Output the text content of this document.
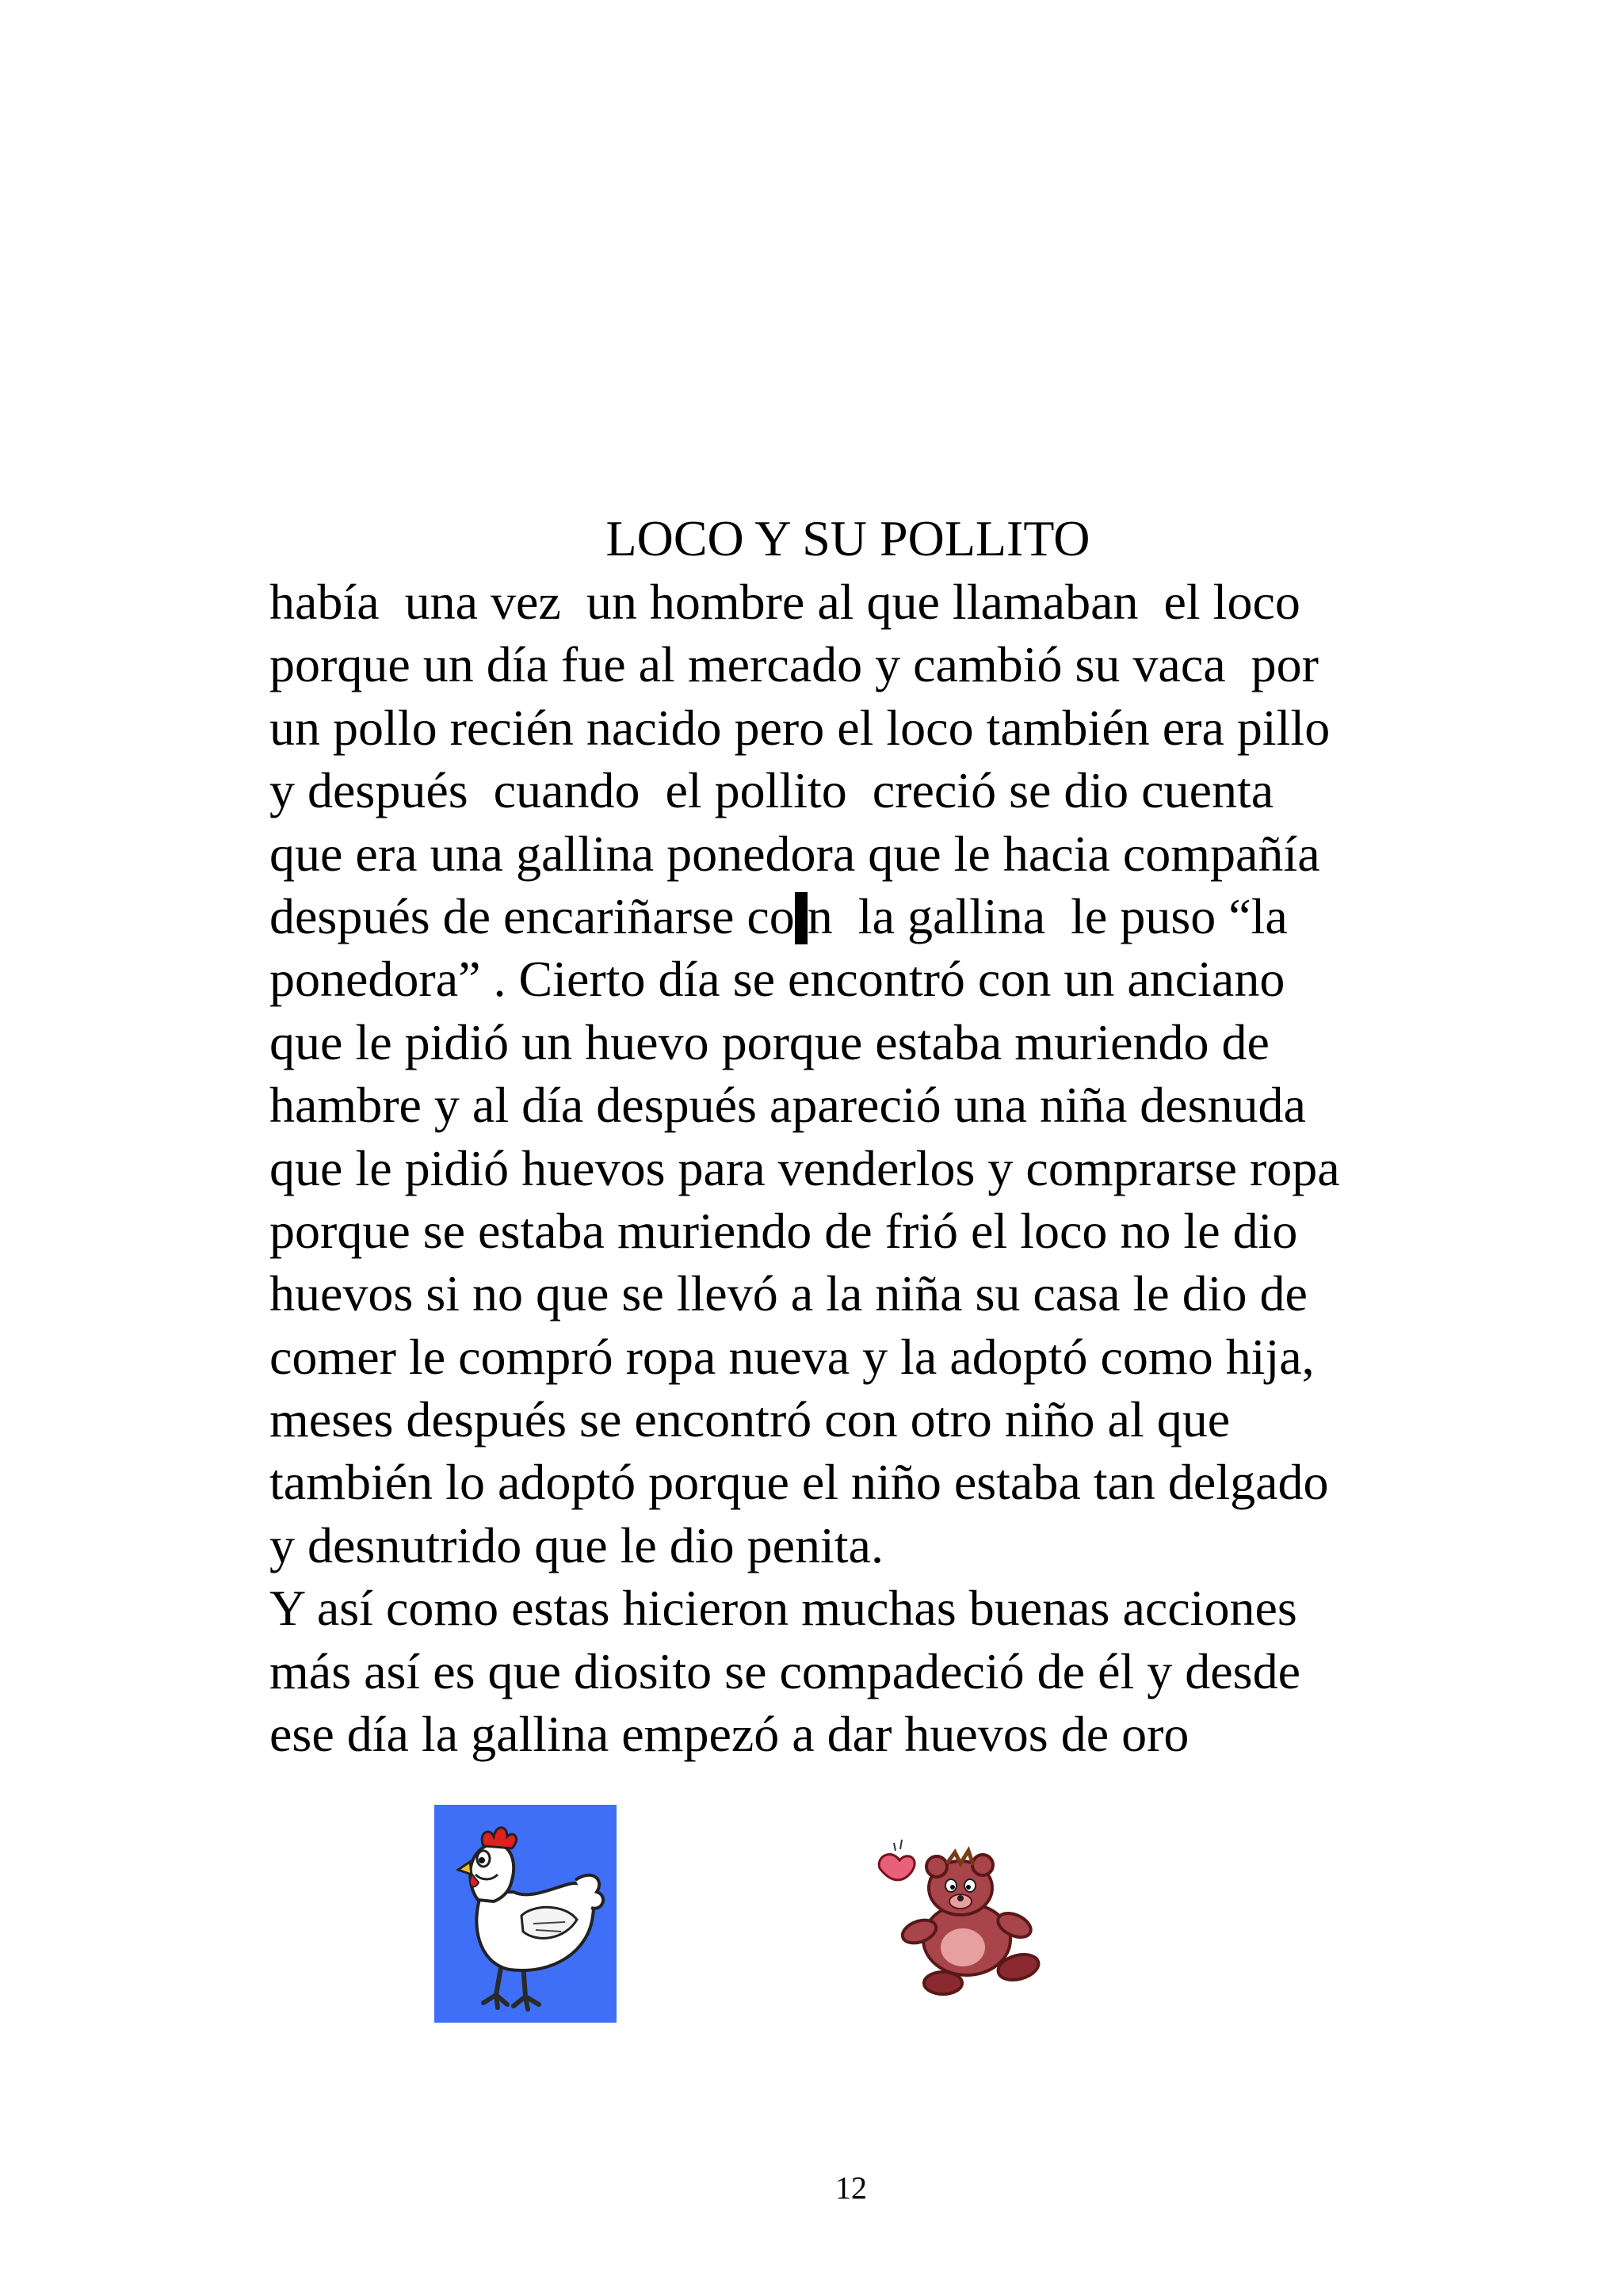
LOCO Y SU POLLITO
había  una vez  un hombre al que llamaban  el loco
porque un día fue al mercado y cambió su vaca  por
un pollo recién nacido pero el loco también era pillo
y después  cuando  el pollito  creció se dio cuenta
que era una gallina ponedora que le hacia compañía
después de encariñarse co n  la gallina  le puso “la
ponedora” . Cierto día se encontró con un anciano
que le pidió un huevo porque estaba muriendo de
hambre y al día después apareció una niña desnuda
que le pidió huevos para venderlos y comprarse ropa
porque se estaba muriendo de frió el loco no le dio
huevos si no que se llevó a la niña su casa le dio de
comer le compró ropa nueva y la adoptó como hija,
meses después se encontró con otro niño al que
también lo adoptó porque el niño estaba tan delgado
y desnutrido que le dio penita.
Y así como estas hicieron muchas buenas acciones
más así es que diosito se compadeció de él y desde
ese día la gallina empezó a dar huevos de oro
12
